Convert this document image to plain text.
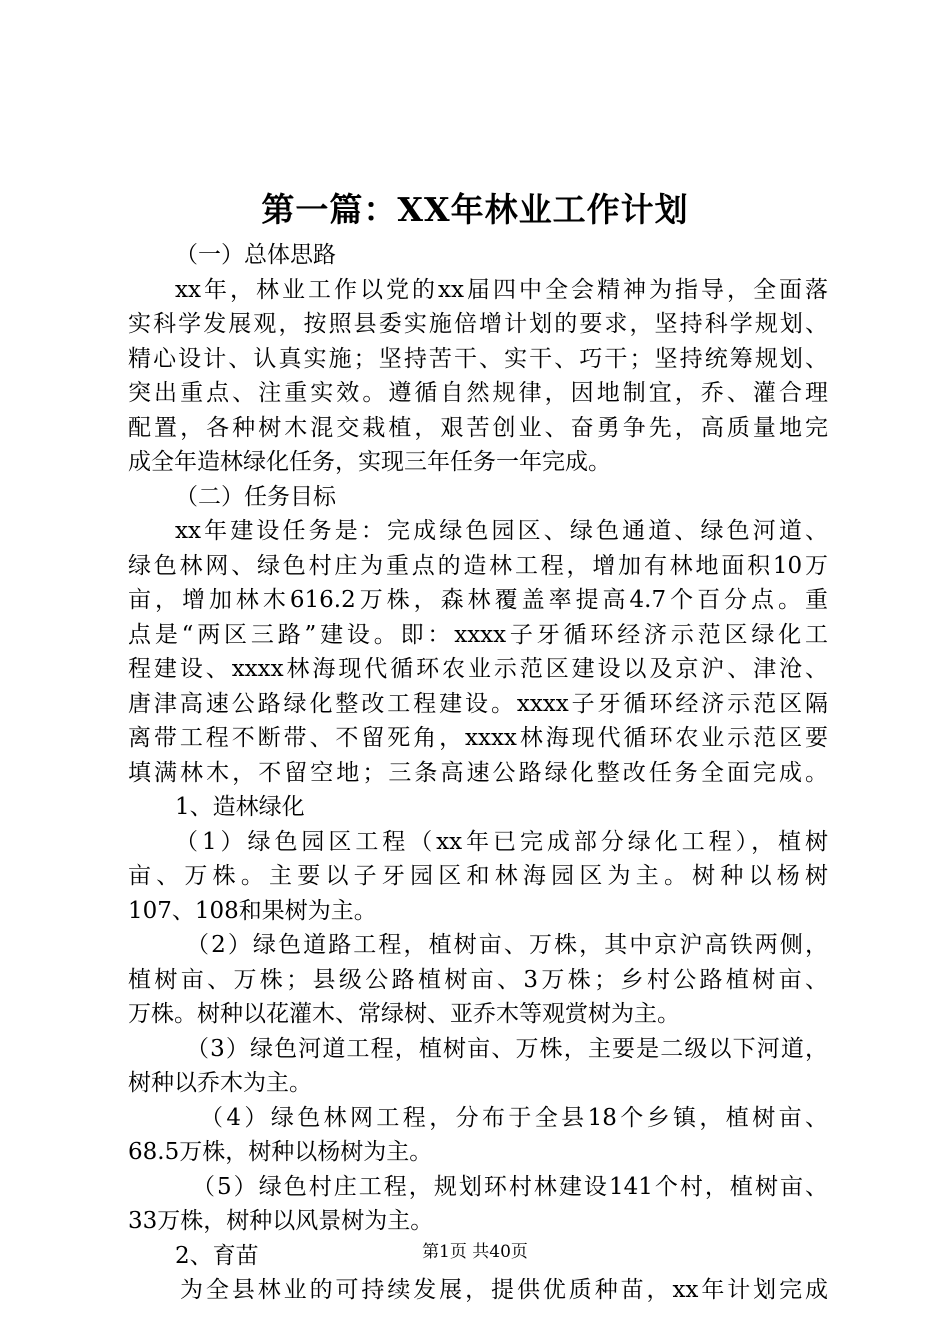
第一篇：XX年林业工作计划
（一）总体思路
xx年，林业工作以党的xx届四中全会精神为指导，全面落
实科学发展观，按照县委实施倍增计划的要求，坚持科学规划、
精心设计、认真实施；坚持苦干、实干、巧干；坚持统筹规划、
突出重点、注重实效。遵循自然规律，因地制宜，乔、灌合理
配置，各种树木混交栽植，艰苦创业、奋勇争先，高质量地完
成全年造林绿化任务，实现三年任务一年完成。
（二）任务目标
xx年建设任务是：完成绿色园区、绿色通道、绿色河道、
绿色林网、绿色村庄为重点的造林工程，增加有林地面积10万
亩，增加林木616.2万株，森林覆盖率提高4.7个百分点。重
点是“两区三路”建设。即：xxxx子牙循环经济示范区绿化工
程建设、xxxx林海现代循环农业示范区建设以及京沪、津沧、
唐津高速公路绿化整改工程建设。xxxx子牙循环经济示范区隔
离带工程不断带、不留死角，xxxx林海现代循环农业示范区要
填满林木，不留空地；三条高速公路绿化整改任务全面完成。
1、造林绿化
（1）绿色园区工程（xx年已完成部分绿化工程），植树
亩、万株。主要以子牙园区和林海园区为主。树种以杨树
107、108和果树为主。
（2）绿色道路工程，植树亩、万株，其中京沪高铁两侧，
植树亩、万株；县级公路植树亩、3万株；乡村公路植树亩、
万株。树种以花灌木、常绿树、亚乔木等观赏树为主。
（3）绿色河道工程，植树亩、万株，主要是二级以下河道，
树种以乔木为主。
（4）绿色林网工程，分布于全县18个乡镇，植树亩、
68.5万株，树种以杨树为主。
（5）绿色村庄工程，规划环村林建设141个村，植树亩、
33万株，树种以风景树为主。
2、育苗
为全县林业的可持续发展，提供优质种苗，xx年计划完成
第1页 共40页
